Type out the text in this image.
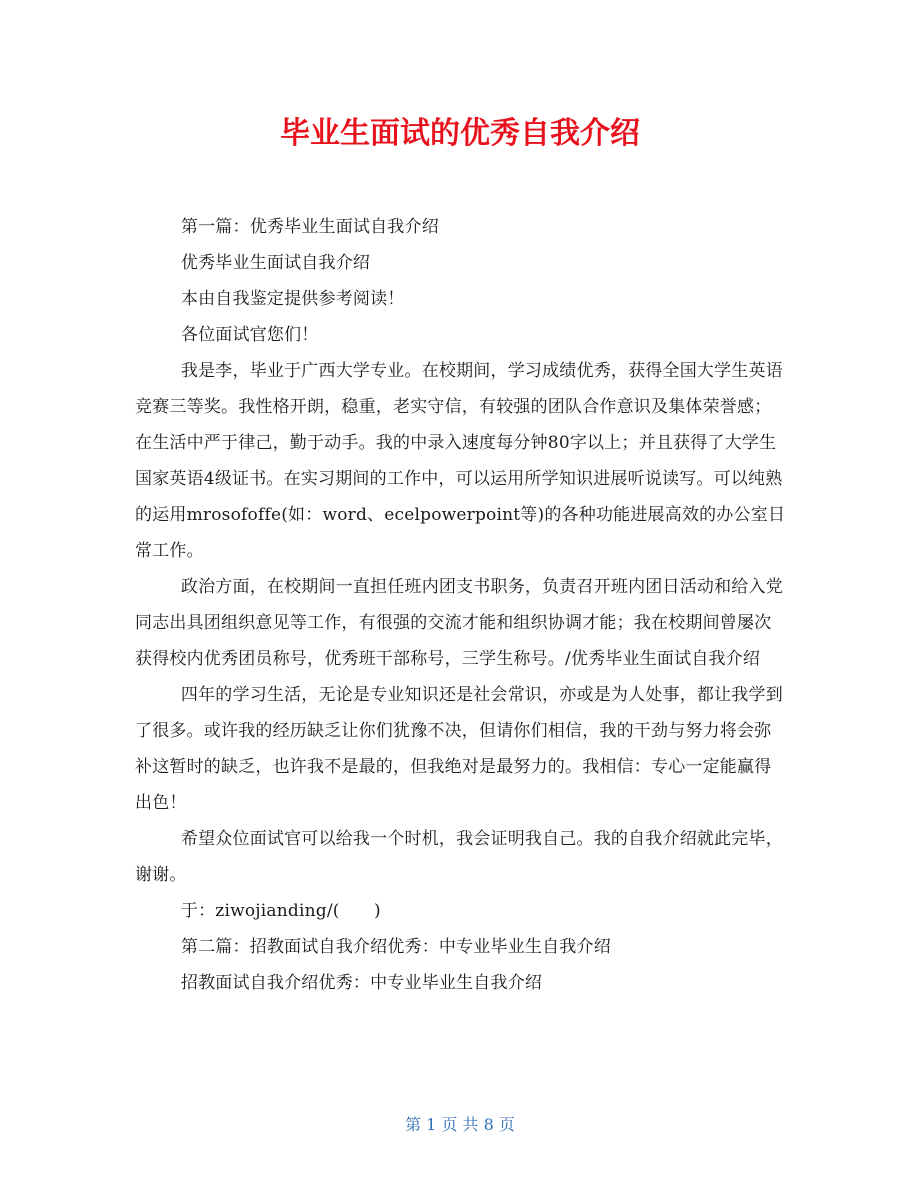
毕业生面试的优秀自我介绍

第一篇：优秀毕业生面试自我介绍

优秀毕业生面试自我介绍

本由自我鉴定提供参考阅读！

各位面试官您们！

我是李，毕业于广西大学专业。在校期间，学习成绩优秀，获得全国大学生英语竞赛三等奖。我性格开朗，稳重，老实守信，有较强的团队合作意识及集体荣誉感；在生活中严于律己，勤于动手。我的中录入速度每分钟80字以上；并且获得了大学生国家英语4级证书。在实习期间的工作中，可以运用所学知识进展听说读写。可以纯熟的运用mrosofoffe(如：word、ecelpowerpoint等)的各种功能进展高效的办公室日常工作。

政治方面，在校期间一直担任班内团支书职务，负责召开班内团日活动和给入党同志出具团组织意见等工作，有很强的交流才能和组织协调才能；我在校期间曾屡次获得校内优秀团员称号，优秀班干部称号，三学生称号。/优秀毕业生面试自我介绍

四年的学习生活，无论是专业知识还是社会常识，亦或是为人处事，都让我学到了很多。或许我的经历缺乏让你们犹豫不决，但请你们相信，我的干劲与努力将会弥补这暂时的缺乏，也许我不是最的，但我绝对是最努力的。我相信：专心一定能赢得出色！

希望众位面试官可以给我一个时机，我会证明我自己。我的自我介绍就此完毕，谢谢。

于：ziwojianding/(　　)

第二篇：招教面试自我介绍优秀：中专业毕业生自我介绍

招教面试自我介绍优秀：中专业毕业生自我介绍

第 1 页 共 8 页
